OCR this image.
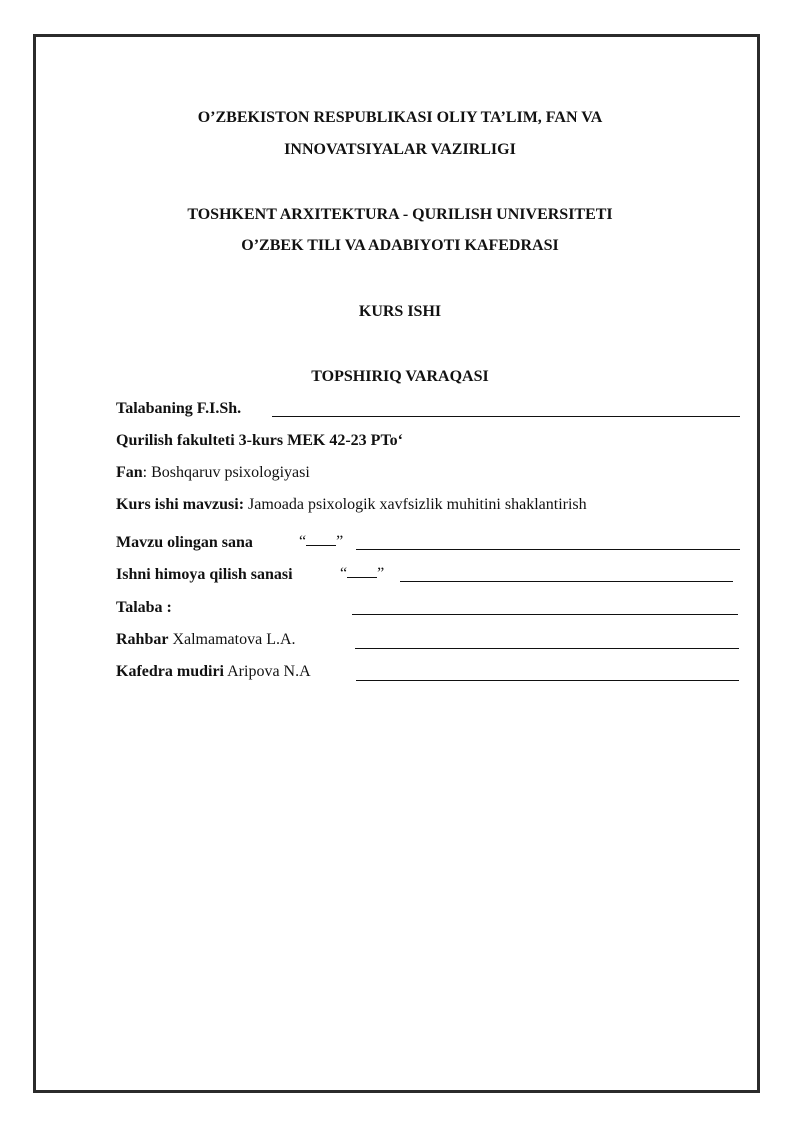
O’ZBEKISTON RESPUBLIKASI OLIY TA’LIM, FAN VA
INNOVATSIYALAR VAZIRLIGI
TOSHKENT ARXITEKTURA - QURILISH UNIVERSITETI
O’ZBEK TILI VA ADABIYOTI KAFEDRASI
KURS ISHI
TOPSHIRIQ VARAQASI
Talabaning F.I.Sh.
Qurilish fakulteti 3-kurs MEK 42-23 PTo‘
Fan: Boshqaruv psixologiyasi
Kurs ishi mavzusi: Jamoada psixologik xavfsizlik muhitini shaklantirish
Mavzu olingan sana	“ ”
Ishni himoya qilish sanasi	“ ”
Talaba :
Rahbar Xalmamatova L.A.
Kafedra mudiri Aripova N.A
